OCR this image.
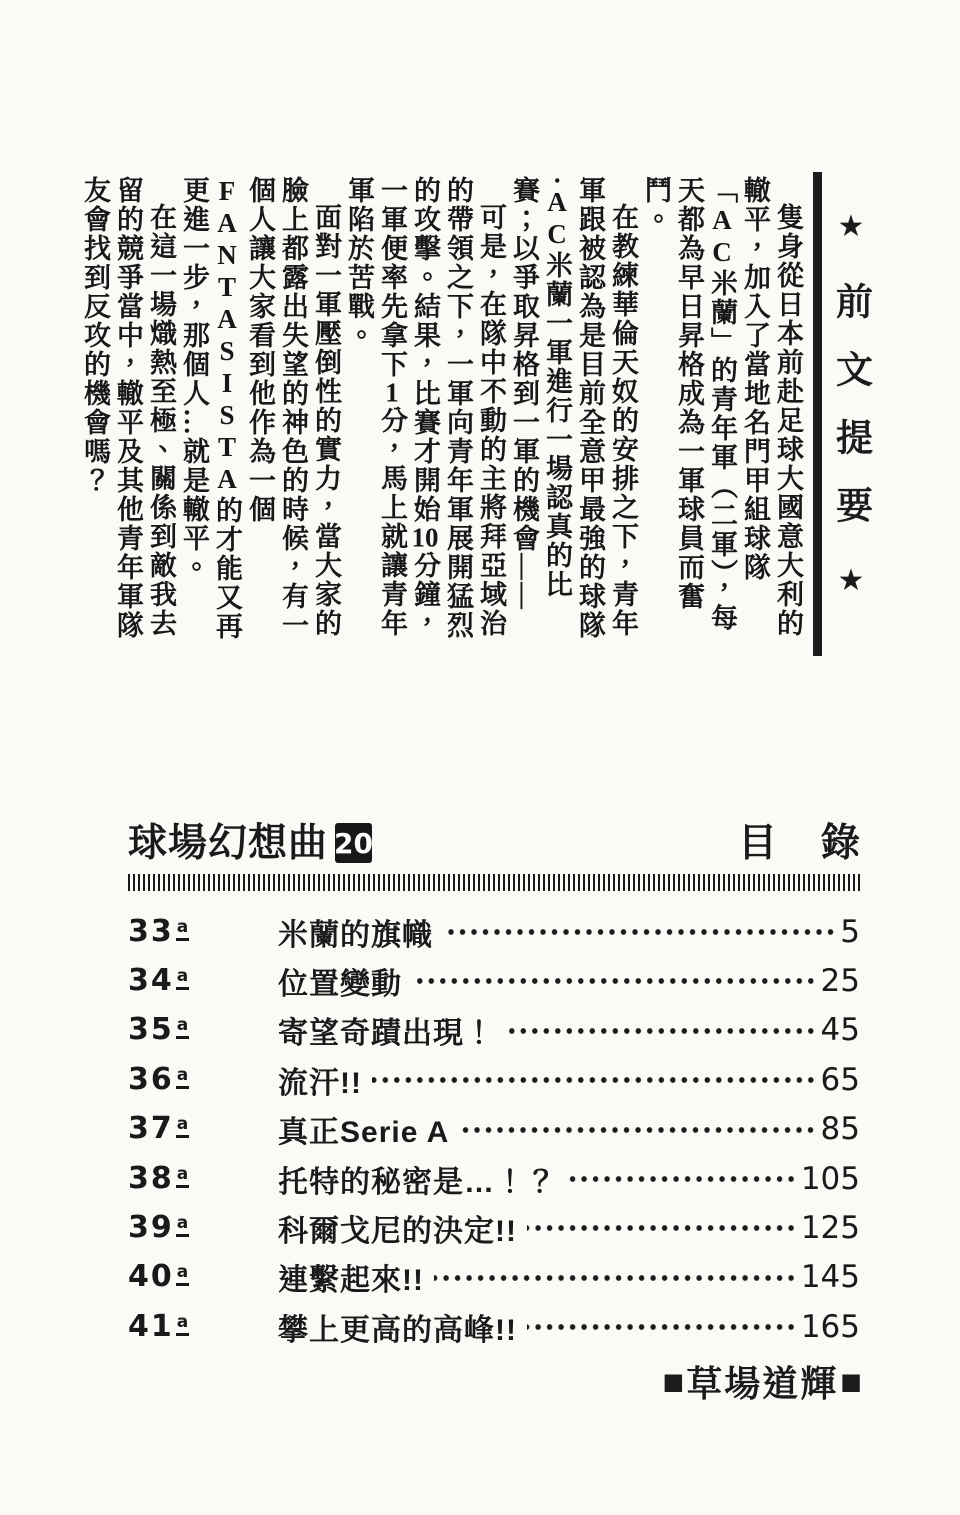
★
前文提要
★

隻身從日本前赴足球大國意大利的轍平，加入了當地名門甲組球隊「AC米蘭」的青年軍（二軍），每天都為早日昇格成為一軍球員而奮鬥。

在教練華倫天奴的安排之下，青年軍跟被認為是目前全意甲最強的球隊·AC米蘭一軍進行一場認真的比賽；以爭取昇格到一軍的機會——

可是，在隊中不動的主將拜亞域治的帶領之下，一軍向青年軍展開猛烈的攻擊。結果，比賽才開始10分鐘，一軍便率先拿下1分，馬上就讓青年軍陷於苦戰。

面對一軍壓倒性的實力，當大家的臉上都露出失望的神色的時候，有一個人讓大家看到他作為一個FANTASISTA的才能又再更進一步，那個人…就是轍平。

在這一場熾熱至極、關係到敵我去留的競爭當中，轍平及其他青年軍隊友會找到反攻的機會嗎？

球場幻想曲 20	目 錄
33 a	米蘭的旗幟	5
34 a	位置變動	25
35 a	寄望奇蹟出現！	45
36 a	流汗!!	65
37 a	真正Serie A	85
38 a	托特的秘密是…！？	105
39 a	科爾戈尼的決定!!	125
40 a	連繫起來!!	145
41 a	攀上更高的高峰!!	165
■ 草場道輝 ■
